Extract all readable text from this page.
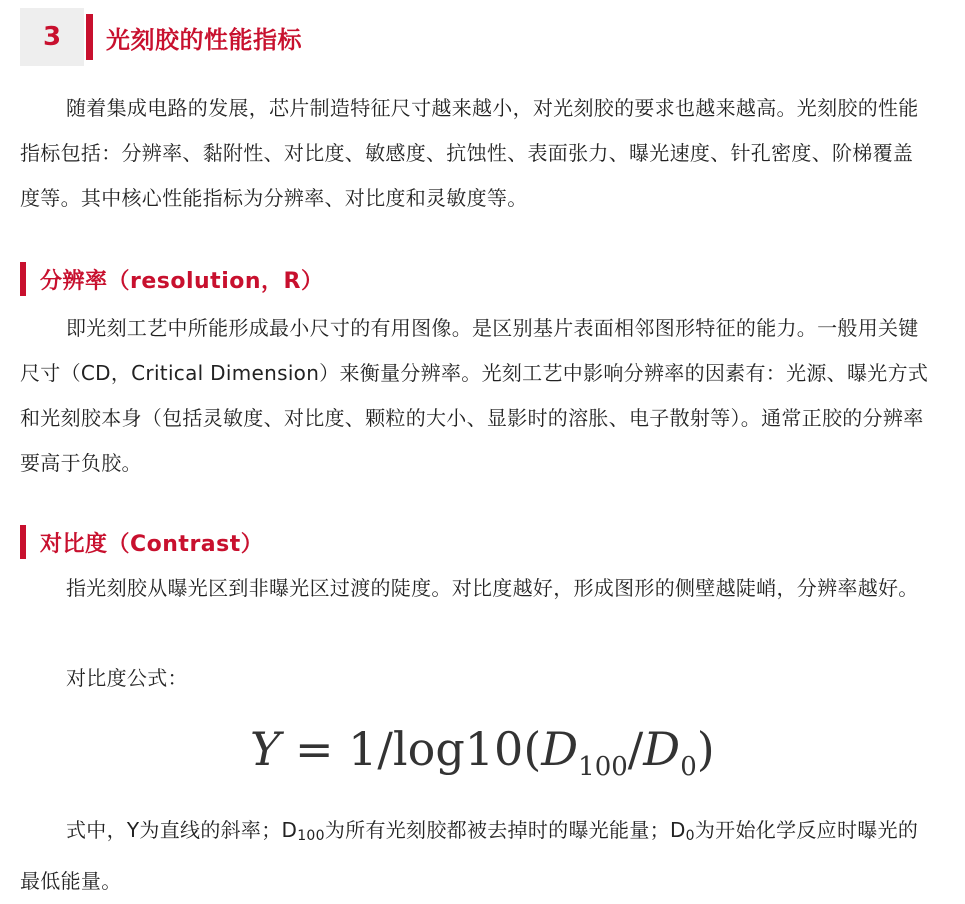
3	光刻胶的性能指标

随着集成电路的发展，芯片制造特征尺寸越来越小，对光刻胶的要求也越来越高。光刻胶的性能指标包括：分辨率、黏附性、对比度、敏感度、抗蚀性、表面张力、曝光速度、针孔密度、阶梯覆盖度等。其中核心性能指标为分辨率、对比度和灵敏度等。

分辨率（resolution，R）

即光刻工艺中所能形成最小尺寸的有用图像。是区别基片表面相邻图形特征的能力。一般用关键尺寸（CD，Critical Dimension）来衡量分辨率。光刻工艺中影响分辨率的因素有：光源、曝光方式和光刻胶本身（包括灵敏度、对比度、颗粒的大小、显影时的溶胀、电子散射等）。通常正胶的分辨率要高于负胶。

对比度（Contrast）

指光刻胶从曝光区到非曝光区过渡的陡度。对比度越好，形成图形的侧壁越陡峭，分辨率越好。

对比度公式：

$Y = 1/\log 10(D_{100}/D_0)$

式中，Y为直线的斜率；$D_{100}$为所有光刻胶都被去掉时的曝光能量；$D_0$为开始化学反应时曝光的最低能量。
